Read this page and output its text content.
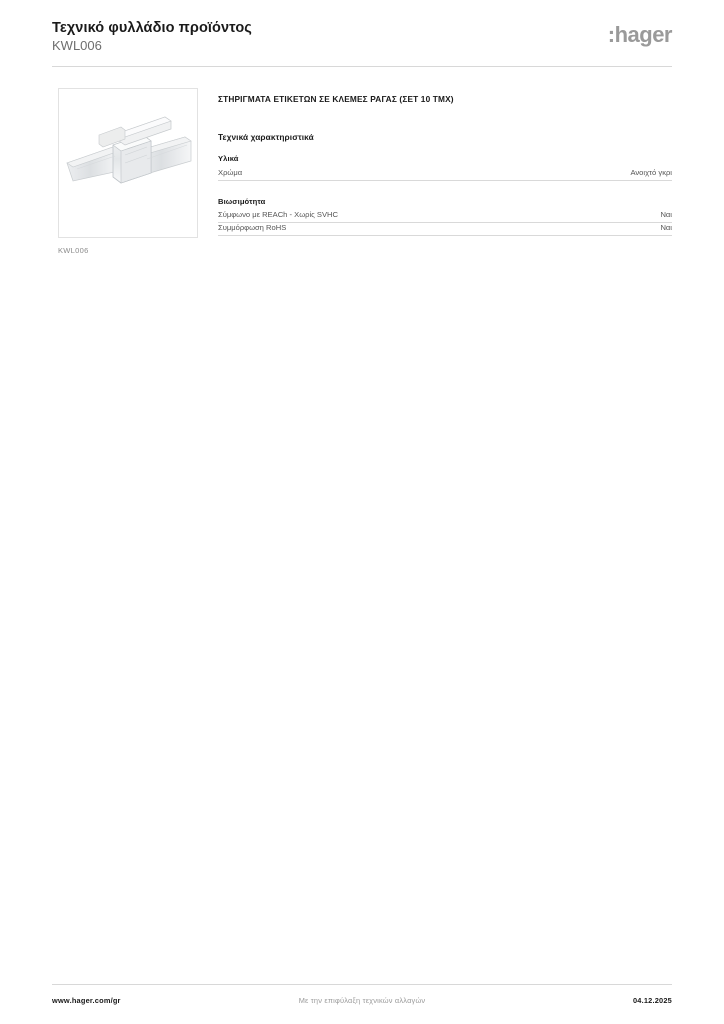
Τεχνικό φυλλάδιο προϊόντος
KWL006	:hager
KWL006
ΣΤΗΡΙΓΜΑΤΑ ΕΤΙΚΕΤΩΝ ΣΕ ΚΛΕΜΕΣ ΡΑΓΑΣ (ΣΕΤ 10 ΤΜΧ)
Τεχνικά χαρακτηριστικά
Υλικά
Χρώμα	Ανοιχτό γκρι
Βιωσιμότητα
Σύμφωνο με REACh - Χωρίς SVHC	Ναι
Συμμόρφωση RoHS	Ναι
www.hager.com/gr	Με την επιφύλαξη τεχνικών αλλαγών	04.12.2025
